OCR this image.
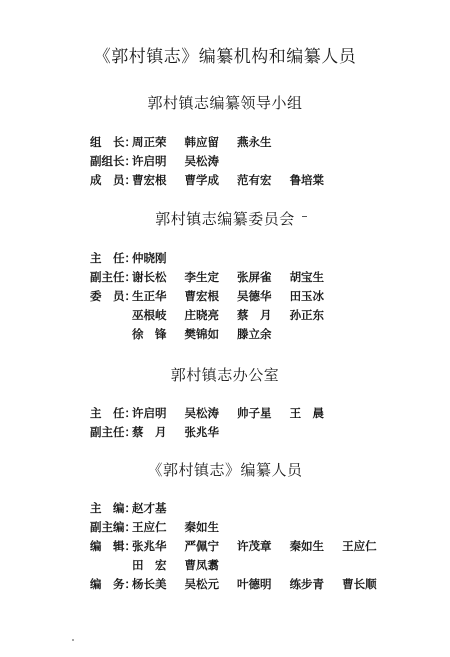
《郭村镇志》编纂机构和编纂人员
郭村镇志编纂领导小组
组　长： 周正荣 韩应留 燕永生
副组长： 许启明 吴松涛
成　员： 曹宏根 曹学成 范有宏 鲁培棠
郭村镇志编纂委员会
主　任： 仲晓刚
副主任： 谢长松 李生定 张屏雀 胡宝生
委　员： 生正华 曹宏根 吴德华 田玉冰
巫根岐 庄晓亮 蔡　月 孙正东
徐　锋 樊锦如 滕立余
郭村镇志办公室
主　任： 许启明 吴松涛 帅子星 王　晨
副主任： 蔡　月 张兆华
《郭村镇志》编纂人员
主　编： 赵才基
副主编： 王应仁 秦如生
编　辑： 张兆华 严佩宁 许茂章 秦如生 王应仁
田　宏 曹凤翥
编　务： 杨长美 吴松元 叶德明 练步青 曹长顺
